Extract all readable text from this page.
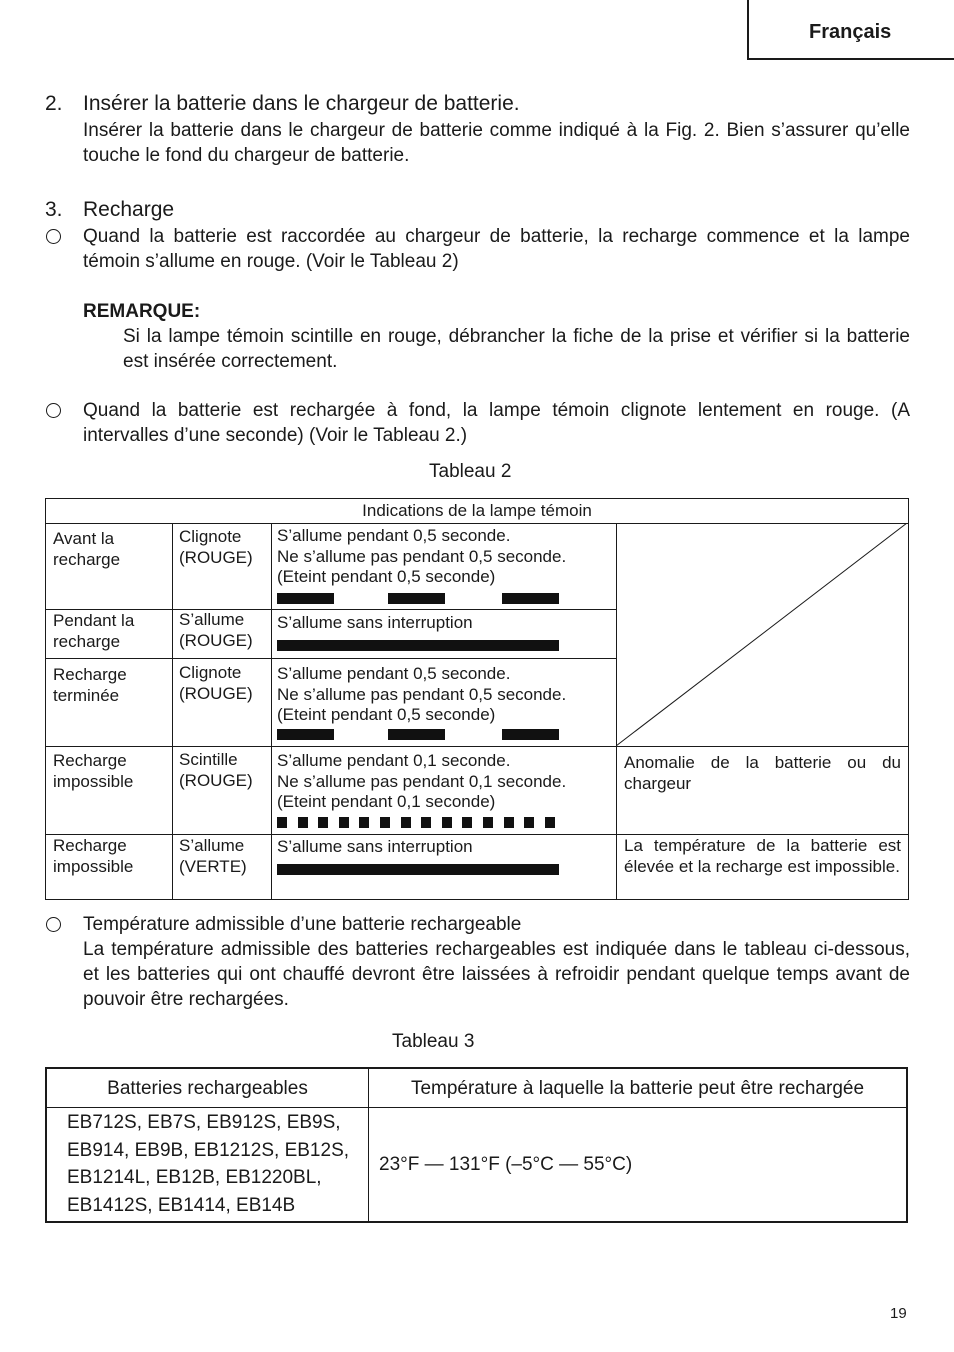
Français
2. Insérer la batterie dans le chargeur de batterie.
Insérer la batterie dans le chargeur de batterie comme indiqué à la Fig. 2. Bien s’assurer qu’elle touche le fond du chargeur de batterie.
3. Recharge
Quand la batterie est raccordée au chargeur de batterie, la recharge commence et la lampe témoin s’allume en rouge. (Voir le Tableau 2)
REMARQUE:
Si la lampe témoin scintille en rouge, débrancher la fiche de la prise et vérifier si la batterie est insérée correctement.
Quand la batterie est rechargée à fond, la lampe témoin clignote lentement en rouge. (A intervalles d’une seconde) (Voir le Tableau 2.)
Tableau 2
Indications de la lampe témoin
Avant la recharge
Clignote (ROUGE)
S’allume pendant 0,5 seconde.
Ne s’allume pas pendant 0,5 seconde.
(Eteint pendant 0,5 seconde)
Pendant la recharge
S’allume (ROUGE)
S’allume sans interruption
Recharge terminée
Clignote (ROUGE)
S’allume pendant 0,5 seconde.
Ne s’allume pas pendant 0,5 seconde.
(Eteint pendant 0,5 seconde)
Recharge impossible
Scintille (ROUGE)
S’allume pendant 0,1 seconde.
Ne s’allume pas pendant 0,1 seconde.
(Eteint pendant 0,1 seconde)
Anomalie de la batterie ou du chargeur
Recharge impossible
S’allume (VERTE)
S’allume sans interruption	La température de la batterie est élevée et la recharge est impossible.
Température admissible d’une batterie rechargeable
La température admissible des batteries rechargeables est indiquée dans le tableau ci-dessous, et les batteries qui ont chauffé devront être laissées à refroidir pendant quelque temps avant de pouvoir être rechargées.
Tableau 3
Batteries rechargeables	Température à laquelle la batterie peut être rechargée
EB712S, EB7S, EB912S, EB9S,
EB914, EB9B, EB1212S, EB12S,
EB1214L, EB12B, EB1220BL,
EB1412S, EB1414, EB14B
23°F — 131°F (–5°C — 55°C)
19
